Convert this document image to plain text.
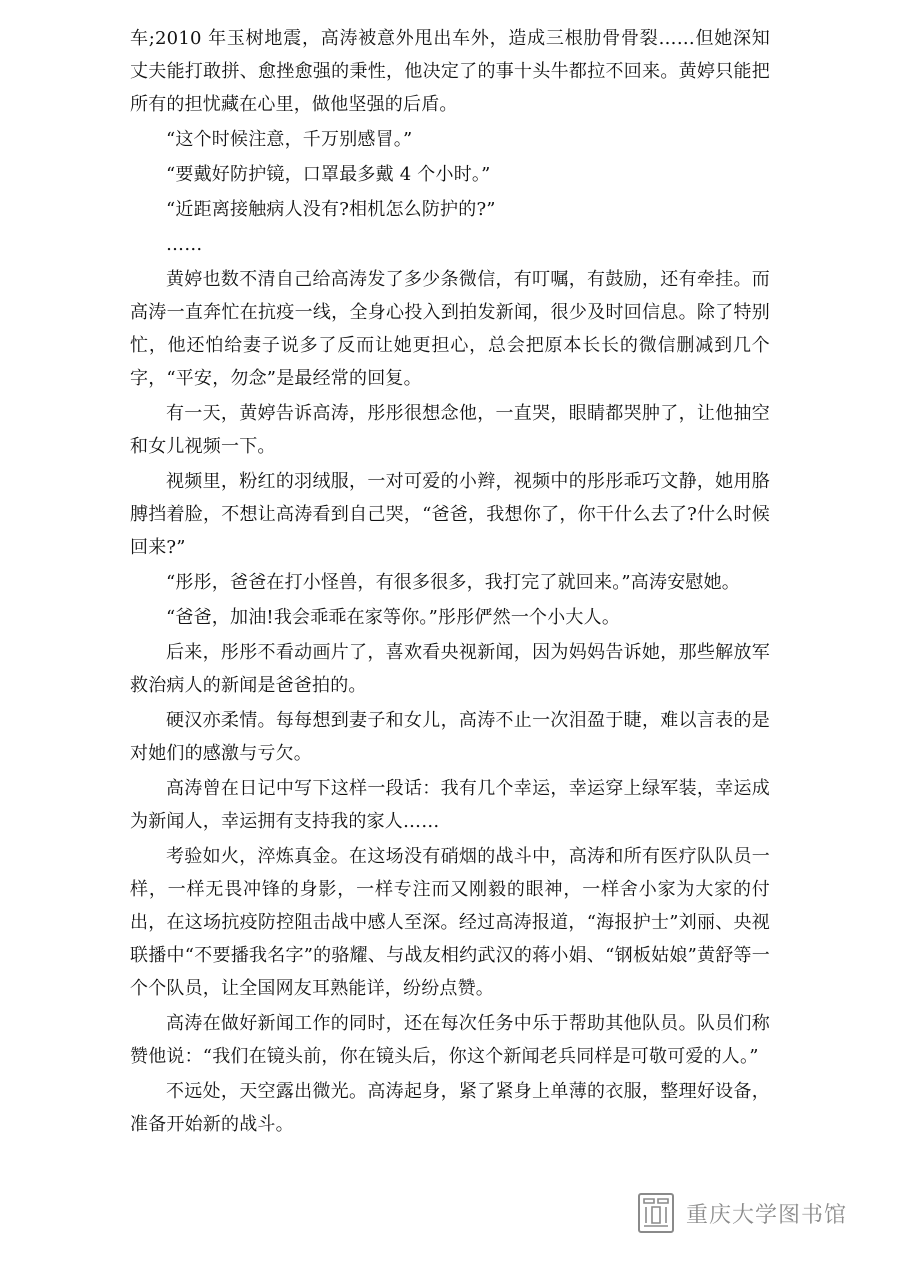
车;2010 年玉树地震，高涛被意外甩出车外，造成三根肋骨骨裂……但她深知丈夫能打敢拼、愈挫愈强的秉性，他决定了的事十头牛都拉不回来。黄婷只能把所有的担忧藏在心里，做他坚强的后盾。

“这个时候注意，千万别感冒。”

“要戴好防护镜，口罩最多戴 4 个小时。”

“近距离接触病人没有?相机怎么防护的?”

……

黄婷也数不清自己给高涛发了多少条微信，有叮嘱，有鼓励，还有牵挂。而高涛一直奔忙在抗疫一线，全身心投入到拍发新闻，很少及时回信息。除了特别忙，他还怕给妻子说多了反而让她更担心，总会把原本长长的微信删减到几个字，“平安，勿念”是最经常的回复。

有一天，黄婷告诉高涛，彤彤很想念他，一直哭，眼睛都哭肿了，让他抽空和女儿视频一下。

视频里，粉红的羽绒服，一对可爱的小辫，视频中的彤彤乖巧文静，她用胳膊挡着脸，不想让高涛看到自己哭，“爸爸，我想你了，你干什么去了?什么时候回来?”

“彤彤，爸爸在打小怪兽，有很多很多，我打完了就回来。”高涛安慰她。

“爸爸，加油!我会乖乖在家等你。”彤彤俨然一个小大人。

后来，彤彤不看动画片了，喜欢看央视新闻，因为妈妈告诉她，那些解放军救治病人的新闻是爸爸拍的。

硬汉亦柔情。每每想到妻子和女儿，高涛不止一次泪盈于睫，难以言表的是对她们的感激与亏欠。

高涛曾在日记中写下这样一段话：我有几个幸运，幸运穿上绿军装，幸运成为新闻人，幸运拥有支持我的家人……

考验如火，淬炼真金。在这场没有硝烟的战斗中，高涛和所有医疗队队员一样，一样无畏冲锋的身影，一样专注而又刚毅的眼神，一样舍小家为大家的付出，在这场抗疫防控阻击战中感人至深。经过高涛报道，“海报护士”刘丽、央视联播中“不要播我名字”的骆耀、与战友相约武汉的蒋小娟、“钢板姑娘”黄舒等一个个队员，让全国网友耳熟能详，纷纷点赞。

高涛在做好新闻工作的同时，还在每次任务中乐于帮助其他队员。队员们称赞他说：“我们在镜头前，你在镜头后，你这个新闻老兵同样是可敬可爱的人。”

不远处，天空露出微光。高涛起身，紧了紧身上单薄的衣服，整理好设备，准备开始新的战斗。

重庆大学图书馆
